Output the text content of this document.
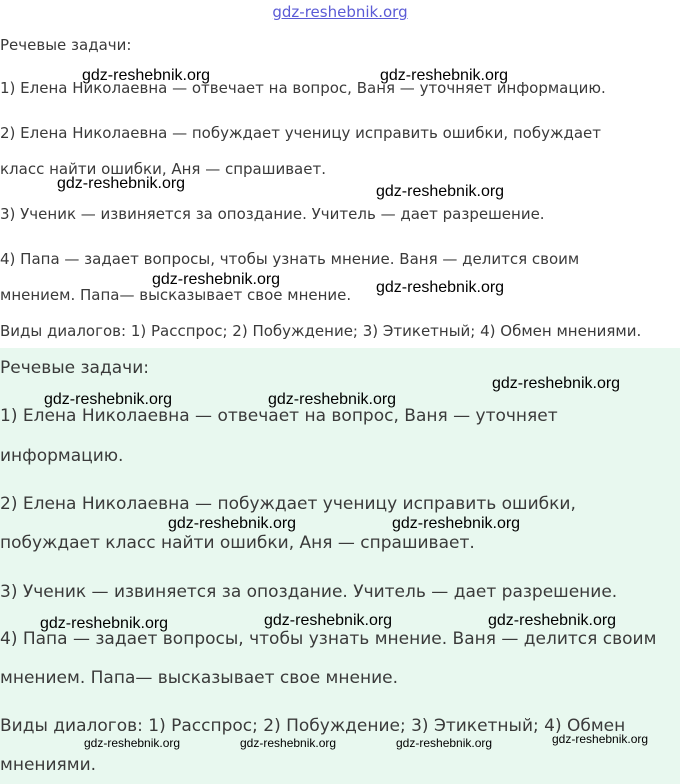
Речевые задачи:
1) Елена Николаевна — отвечает на вопрос, Ваня — уточняет информацию.
2) Елена Николаевна — побуждает ученицу исправить ошибки, побуждает
класс найти ошибки, Аня — спрашивает.
3) Ученик — извиняется за опоздание. Учитель — дает разрешение.
4) Папа — задает вопросы, чтобы узнать мнение. Ваня — делится своим
мнением. Папа— высказывает свое мнение.
Виды диалогов: 1) Расспрос; 2) Побуждение; 3) Этикетный; 4) Обмен мнениями.
Речевые задачи:
1) Елена Николаевна — отвечает на вопрос, Ваня — уточняет
информацию.
2) Елена Николаевна — побуждает ученицу исправить ошибки,
побуждает класс найти ошибки, Аня — спрашивает.
3) Ученик — извиняется за опоздание. Учитель — дает разрешение.
4) Папа — задает вопросы, чтобы узнать мнение. Ваня — делится своим
мнением. Папа— высказывает свое мнение.
Виды диалогов: 1) Расспрос; 2) Побуждение; 3) Этикетный; 4) Обмен
мнениями.
gdz-reshebnik.org
gdz-reshebnik.org	gdz-reshebnik.org
gdz-reshebnik.org	gdz-reshebnik.org
gdz-reshebnik.org	gdz-reshebnik.org
gdz-reshebnik.org
gdz-reshebnik.org	gdz-reshebnik.org
gdz-reshebnik.org	gdz-reshebnik.org
gdz-reshebnik.org	gdz-reshebnik.org	gdz-reshebnik.org
gdz-reshebnik.org	gdz-reshebnik.org	gdz-reshebnik.org	gdz-reshebnik.org
